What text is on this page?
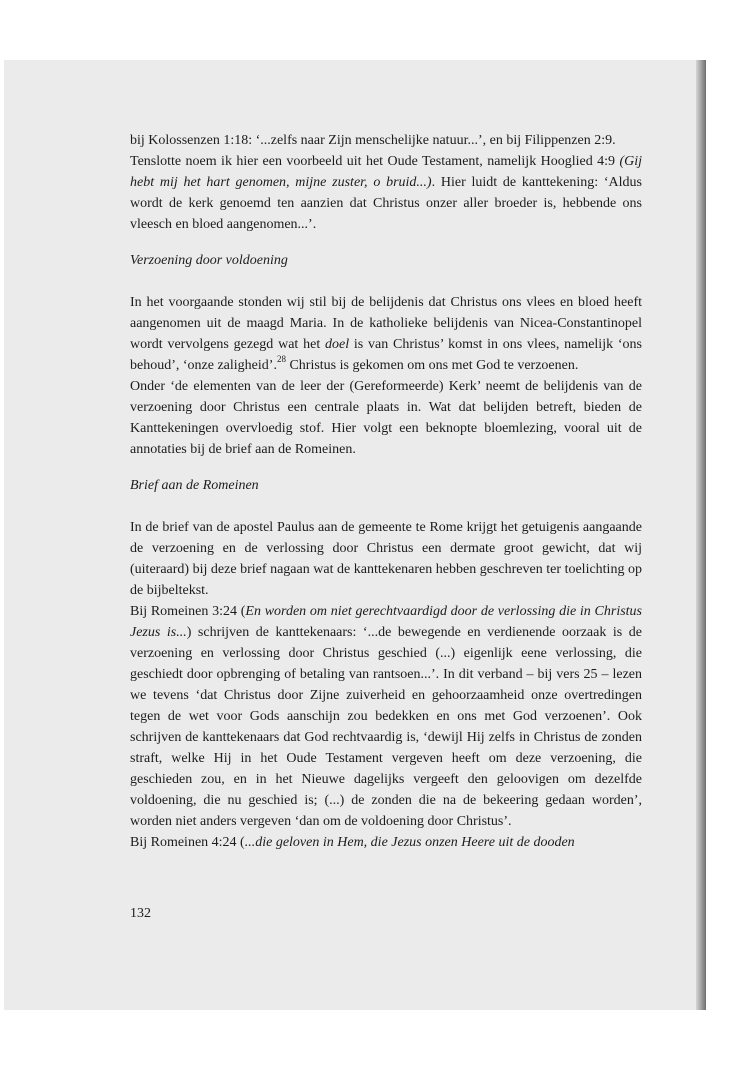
bij Kolossenzen 1:18: ‘...zelfs naar Zijn menschelijke natuur...’, en bij Filippenzen 2:9.

Tenslotte noem ik hier een voorbeeld uit het Oude Testament, namelijk Hooglied 4:9 (Gij hebt mij het hart genomen, mijne zuster, o bruid...). Hier luidt de kanttekening: ‘Aldus wordt de kerk genoemd ten aanzien dat Christus onzer aller broeder is, hebbende ons vleesch en bloed aangenomen...’.

Verzoening door voldoening

In het voorgaande stonden wij stil bij de belijdenis dat Christus ons vlees en bloed heeft aangenomen uit de maagd Maria. In de katholieke belijdenis van Nicea-Constantinopel wordt vervolgens gezegd wat het doel is van Christus’ komst in ons vlees, namelijk ‘ons behoud’, ‘onze zaligheid’.$^{28}$ Christus is gekomen om ons met God te verzoenen.

Onder ‘de elementen van de leer der (Gereformeerde) Kerk’ neemt de belijdenis van de verzoening door Christus een centrale plaats in. Wat dat belijden betreft, bieden de Kanttekeningen overvloedig stof. Hier volgt een beknopte bloemlezing, vooral uit de annotaties bij de brief aan de Romeinen.

Brief aan de Romeinen

In de brief van de apostel Paulus aan de gemeente te Rome krijgt het getuigenis aangaande de verzoening en de verlossing door Christus een dermate groot gewicht, dat wij (uiteraard) bij deze brief nagaan wat de kanttekenaren hebben geschreven ter toelichting op de bijbeltekst.

Bij Romeinen 3:24 (En worden om niet gerechtvaardigd door de verlossing die in Christus Jezus is...) schrijven de kanttekenaars: ‘...de bewegende en verdienende oorzaak is de verzoening en verlossing door Christus geschied (...) eigenlijk eene verlossing, die geschiedt door opbrenging of betaling van rantsoen...’. In dit verband – bij vers 25 – lezen we tevens ‘dat Christus door Zijne zuiverheid en gehoorzaamheid onze overtredingen tegen de wet voor Gods aanschijn zou bedekken en ons met God verzoenen’. Ook schrijven de kanttekenaars dat God rechtvaardig is, ‘dewijl Hij zelfs in Christus de zonden straft, welke Hij in het Oude Testament vergeven heeft om deze verzoening, die geschieden zou, en in het Nieuwe dagelijks vergeeft den geloovigen om dezelfde voldoening, die nu geschied is; (...) de zonden die na de bekeering gedaan worden’, worden niet anders vergeven ‘dan om de voldoening door Christus’.

Bij Romeinen 4:24 (...die geloven in Hem, die Jezus onzen Heere uit de dooden

132
